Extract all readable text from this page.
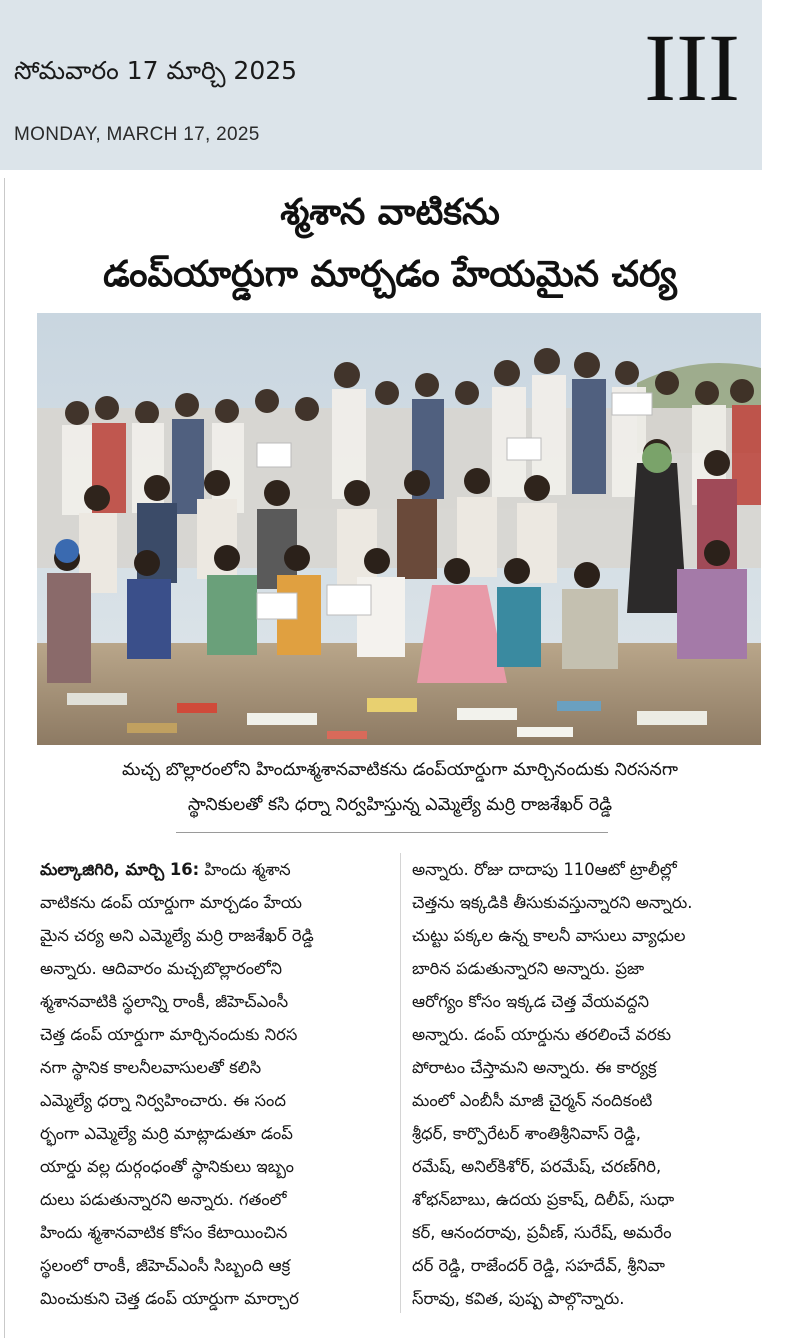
సోమవారం 17 మార్చి 2025
MONDAY, MARCH 17, 2025
III
శ్మశాన వాటికను
డంప్‌యార్డుగా మార్చడం హేయమైన చర్య
మచ్చ బొల్లారంలోని హిందూశ్మశానవాటికను డంప్‌యార్డుగా మార్చినందుకు నిరసనగా
స్థానికులతో కసి ధర్నా నిర్వహిస్తున్న ఎమ్మెల్యే మర్రి రాజశేఖర్ రెడ్డి
మల్కాజిగిరి, మార్చి 16: హిందు శ్మశాన
వాటికను డంప్ యార్డుగా మార్చడం హేయ
మైన చర్య అని ఎమ్మెల్యే మర్రి రాజశేఖర్ రెడ్డి
అన్నారు. ఆదివారం మచ్చబొల్లారంలోని
శ్మశానవాటికి స్థలాన్ని రాంకీ, జీహెచ్ఎంసీ
చెత్త డంప్ యార్డుగా మార్చినందుకు నిరస
నగా స్థానిక కాలనీలవాసులతో కలిసి
ఎమ్మెల్యే ధర్నా నిర్వహించారు. ఈ సంద
ర్భంగా ఎమ్మెల్యే మర్రి మాట్లాడుతూ డంప్
యార్డు వల్ల దుర్గంధంతో స్థానికులు ఇబ్బం
దులు పడుతున్నారని అన్నారు. గతంలో
హిందు శ్మశానవాటిక కోసం కేటాయించిన
స్థలంలో రాంకీ, జీహెచ్ఎంసీ సిబ్బంది ఆక్ర
మించుకుని చెత్త డంప్ యార్డుగా మార్చార
అన్నారు. రోజు దాదాపు 110ఆటో ట్రాలీల్లో
చెత్తను ఇక్కడికి తీసుకువస్తున్నారని అన్నారు.
చుట్టు పక్కల ఉన్న కాలనీ వాసులు వ్యాధుల
బారిన పడుతున్నారని అన్నారు. ప్రజా
ఆరోగ్యం కోసం ఇక్కడ చెత్త వేయవద్దని
అన్నారు. డంప్ యార్డును తరలించే వరకు
పోరాటం చేస్తామని అన్నారు. ఈ కార్యక్ర
మంలో ఎంబీసీ మాజీ చైర్మన్ నందికంటి
శ్రీధర్, కార్పొరేటర్ శాంతిశ్రీనివాస్ రెడ్డి,
రమేష్, అనిల్‌కిశోర్, పరమేష్, చరణ్‌గిరి,
శోభన్‌బాబు, ఉదయ ప్రకాష్, దిలీప్, సుధా
కర్, ఆనందరావు, ప్రవీణ్, సురేష్, అమరేం
దర్ రెడ్డి, రాజేందర్ రెడ్డి, సహదేవ్, శ్రీనివా
స్‌రావు, కవిత, పుష్ప పాల్గొన్నారు.
